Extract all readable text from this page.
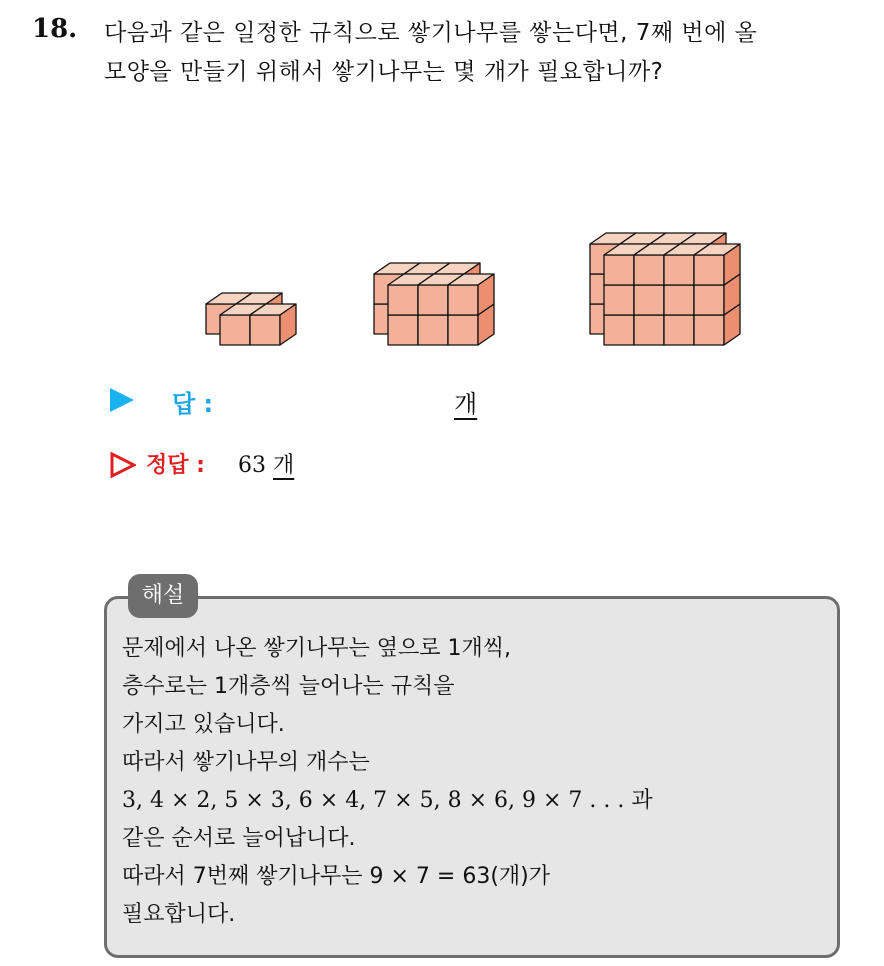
18. 다음과 같은 일정한 규칙으로 쌓기나무를 쌓는다면, 7째 번에 올
모양을 만들기 위해서 쌓기나무는 몇 개가 필요합니까?
답 :	개
정답 : 63 개
해설
문제에서 나온 쌓기나무는 옆으로 1개씩,
층수로는 1개층씩 늘어나는 규칙을
가지고 있습니다.
따라서 쌓기나무의 개수는
3, 4 × 2, 5 × 3, 6 × 4, 7 × 5, 8 × 6, 9 × 7 . . . 과
같은 순서로 늘어납니다.
따라서 7번째 쌓기나무는 9 × 7 = 63(개)가
필요합니다.
